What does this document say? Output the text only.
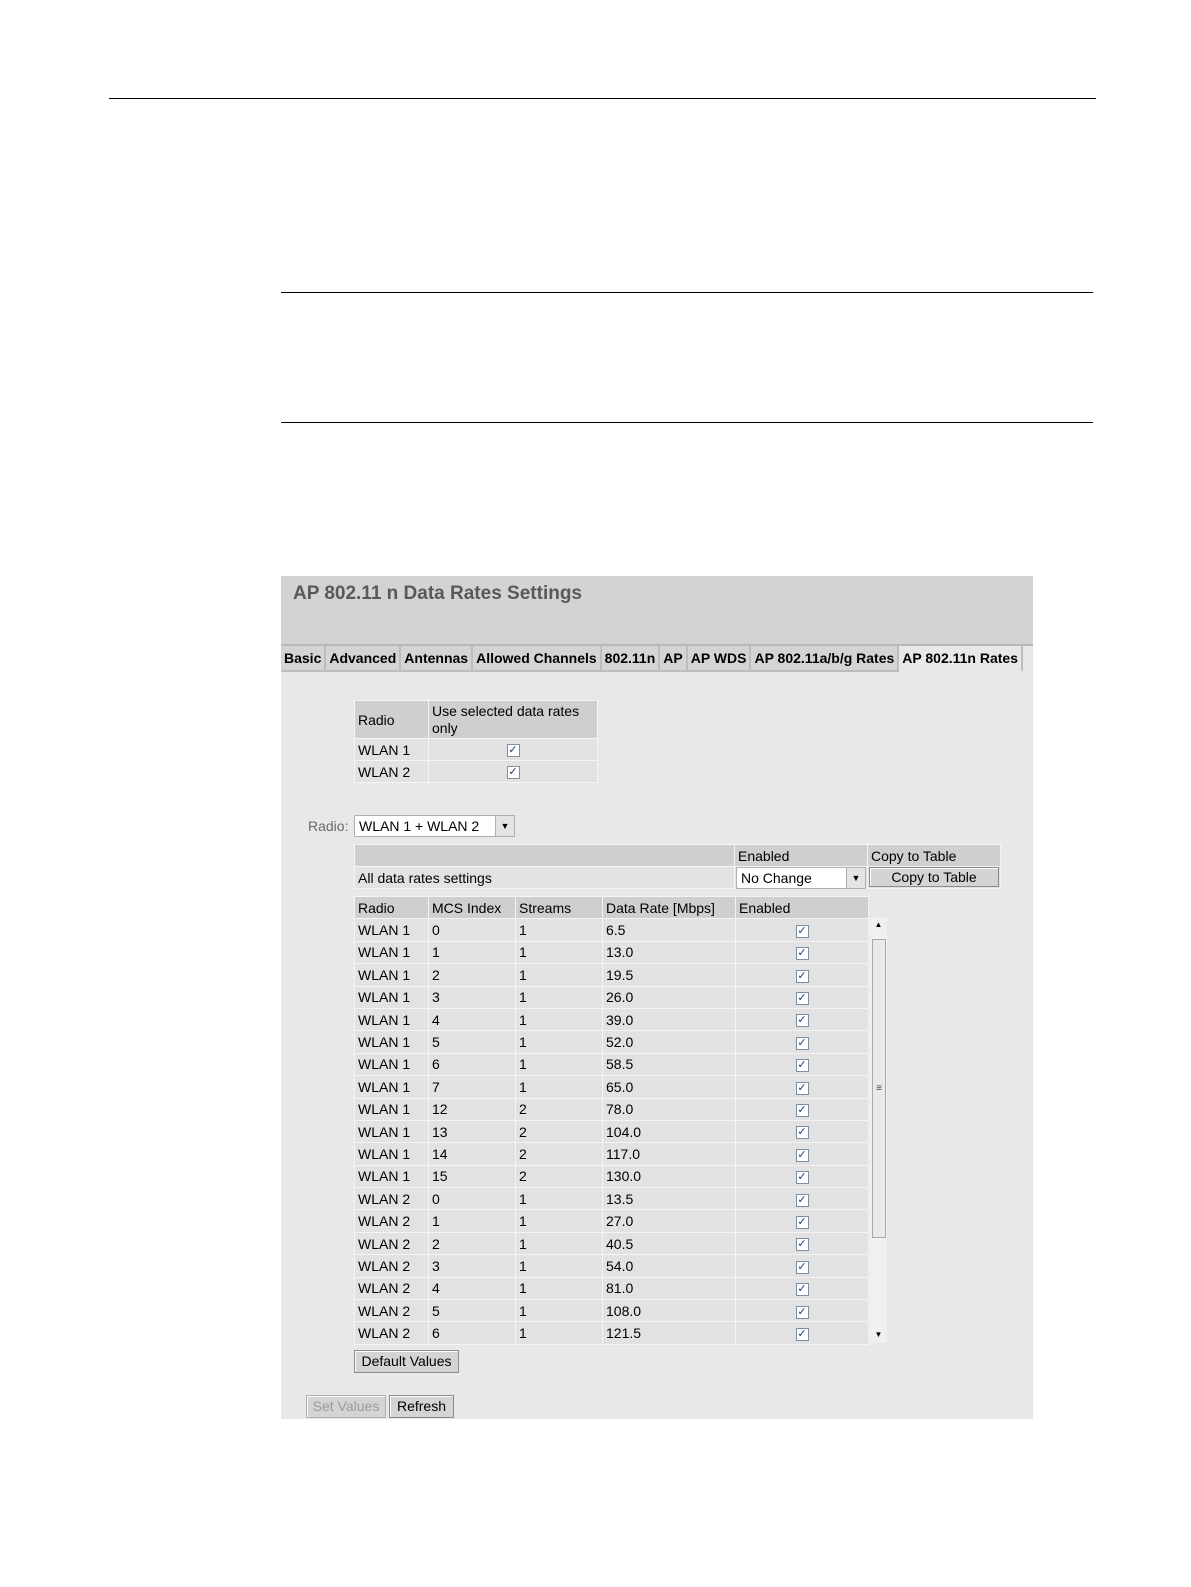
AP 802.11 n Data Rates Settings
Basic Advanced Antennas Allowed Channels 802.11n AP AP WDS AP 802.11a/b/g Rates AP 802.11n Rates
Radio	Use selected data rates only
WLAN 1	✓
WLAN 2	✓
Radio: WLAN 1 + WLAN 2	▼
	Enabled	Copy to Table
All data rates settings			No Change	▼	Copy to Table
Radio	MCS Index	Streams	Data Rate [Mbps]	Enabled
WLAN 1	0	1	6.5	✓
WLAN 1	1	1	13.0	✓
WLAN 1	2	1	19.5	✓
WLAN 1	3	1	26.0	✓
WLAN 1	4	1	39.0	✓
WLAN 1	5	1	52.0	✓
WLAN 1	6	1	58.5	✓
WLAN 1	7	1	65.0	✓
WLAN 1	12	2	78.0	✓
WLAN 1	13	2	104.0	✓
WLAN 1	14	2	117.0	✓
WLAN 1	15	2	130.0	✓
WLAN 2	0	1	13.5	✓
WLAN 2	1	1	27.0	✓
WLAN 2	2	1	40.5	✓
WLAN 2	3	1	54.0	✓
WLAN 2	4	1	81.0	✓
WLAN 2	5	1	108.0	✓
WLAN 2	6	1	121.5	✓
▲
≡
▼
Default Values
Set Values	Refresh
